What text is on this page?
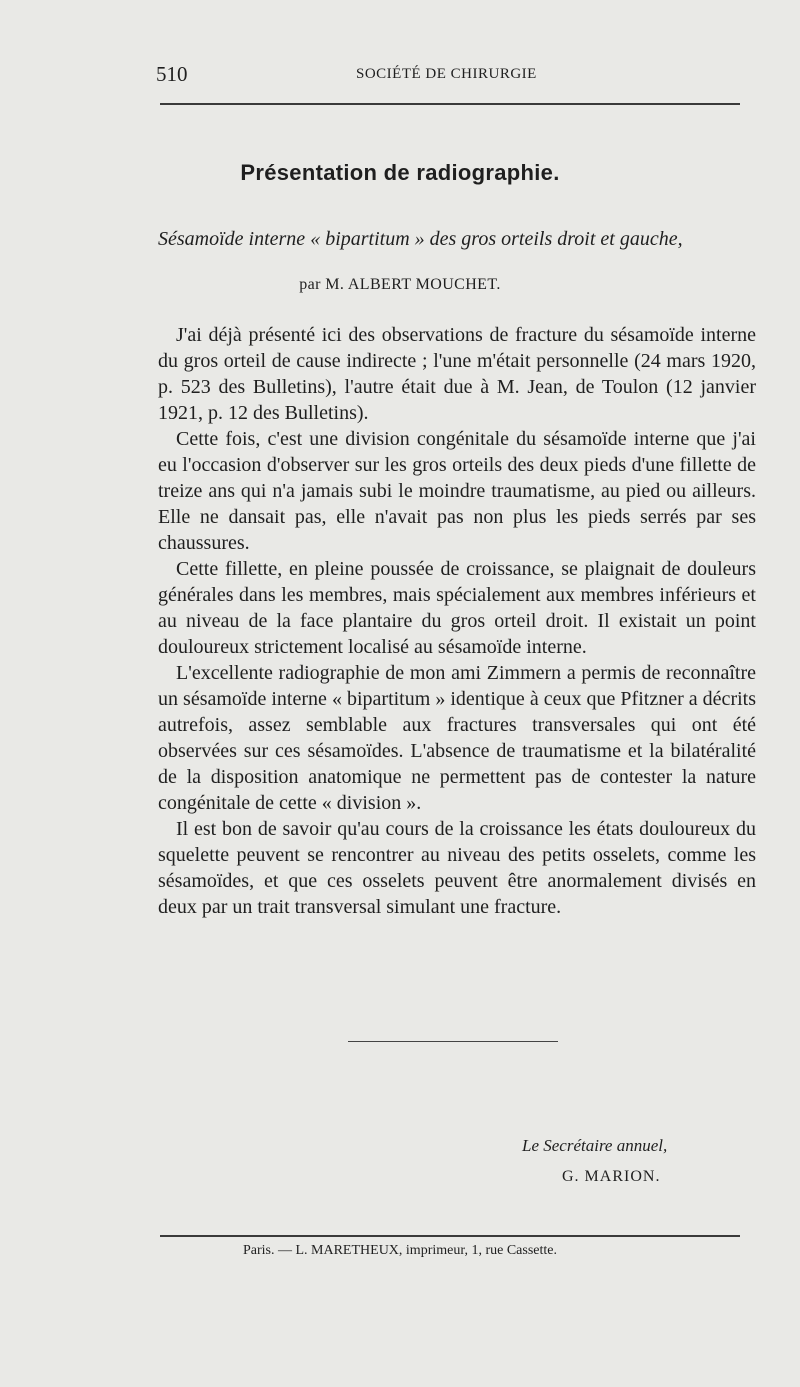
510	SOCIÉTÉ DE CHIRURGIE
Présentation de radiographie.
Sésamoïde interne « bipartitum » des gros orteils droit et gauche,
par M. ALBERT MOUCHET.

J'ai déjà présenté ici des observations de fracture du sésamoïde interne du gros orteil de cause indirecte ; l'une m'était personnelle (24 mars 1920, p. 523 des Bulletins), l'autre était due à M. Jean, de Toulon (12 janvier 1921, p. 12 des Bulletins).

Cette fois, c'est une division congénitale du sésamoïde interne que j'ai eu l'occasion d'observer sur les gros orteils des deux pieds d'une fillette de treize ans qui n'a jamais subi le moindre traumatisme, au pied ou ailleurs. Elle ne dansait pas, elle n'avait pas non plus les pieds serrés par ses chaussures.

Cette fillette, en pleine poussée de croissance, se plaignait de douleurs générales dans les membres, mais spécialement aux membres inférieurs et au niveau de la face plantaire du gros orteil droit. Il existait un point douloureux strictement localisé au sésamoïde interne.

L'excellente radiographie de mon ami Zimmern a permis de reconnaître un sésamoïde interne « bipartitum » identique à ceux que Pfitzner a décrits autrefois, assez semblable aux fractures transversales qui ont été observées sur ces sésamoïdes. L'absence de traumatisme et la bilatéralité de la disposition anatomique ne permettent pas de contester la nature congénitale de cette « division ».

Il est bon de savoir qu'au cours de la croissance les états douloureux du squelette peuvent se rencontrer au niveau des petits osselets, comme les sésamoïdes, et que ces osselets peuvent être anormalement divisés en deux par un trait transversal simulant une fracture.

Le Secrétaire annuel,
G. MARION.
Paris. — L. MARETHEUX, imprimeur, 1, rue Cassette.
